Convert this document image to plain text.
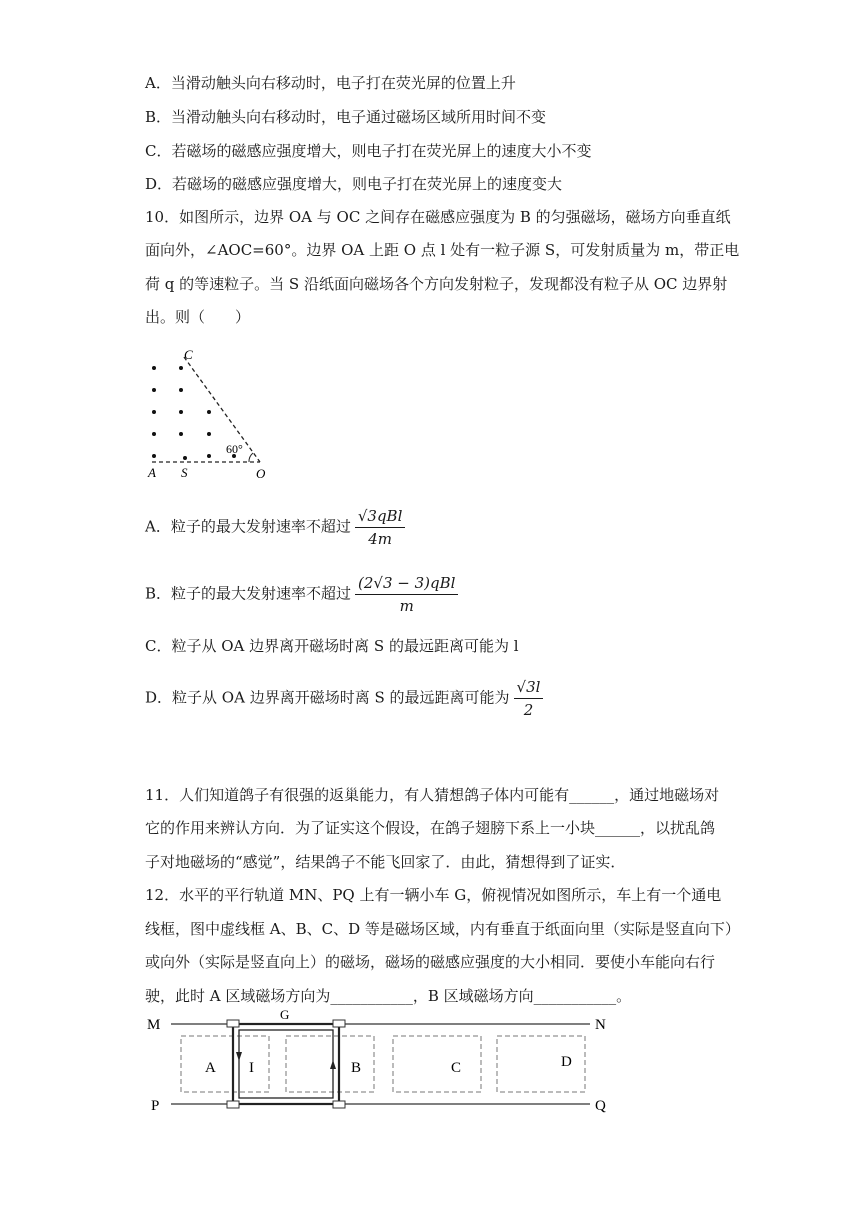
A．当滑动触头向右移动时，电子打在荧光屏的位置上升
B．当滑动触头向右移动时，电子通过磁场区域所用时间不变
C．若磁场的磁感应强度增大，则电子打在荧光屏上的速度大小不变
D．若磁场的磁感应强度增大，则电子打在荧光屏上的速度变大
10．如图所示，边界 OA 与 OC 之间存在磁感应强度为 B 的匀强磁场，磁场方向垂直纸
面向外，∠AOC=60°。边界 OA 上距 O 点 l 处有一粒子源 S，可发射质量为 m，带正电
荷 q 的等速粒子。当 S 沿纸面向磁场各个方向发射粒子，发现都没有粒子从 OC 边界射
出。则（　　）
60°
C
A S	O
A．粒子的最大发射速率不超过 $\frac{\text{√3qBl}}{4m}$
B．粒子的最大发射速率不超过 $\frac{\text{(2√3 − 3)qBl}}{m}$
C．粒子从 OA 边界离开磁场时离 S 的最远距离可能为 l
D．粒子从 OA 边界离开磁场时离 S 的最远距离可能为 $\frac{√3l}{2}$
11．人们知道鸽子有很强的返巢能力，有人猜想鸽子体内可能有______，通过地磁场对
它的作用来辨认方向．为了证实这个假设，在鸽子翅膀下系上一小块______，以扰乱鸽
子对地磁场的“感觉”，结果鸽子不能飞回家了．由此，猜想得到了证实．
12．水平的平行轨道 MN、PQ 上有一辆小车 G，俯视情况如图所示，车上有一个通电
线框，图中虚线框 A、B、C、D 等是磁场区域，内有垂直于纸面向里（实际是竖直向下）
或向外（实际是竖直向上）的磁场，磁场的磁感应强度的大小相同．要使小车能向右行
驶，此时 A 区域磁场方向为___________，B 区域磁场方向___________。
M	N
P	Q
G
A	B	C	D
I
